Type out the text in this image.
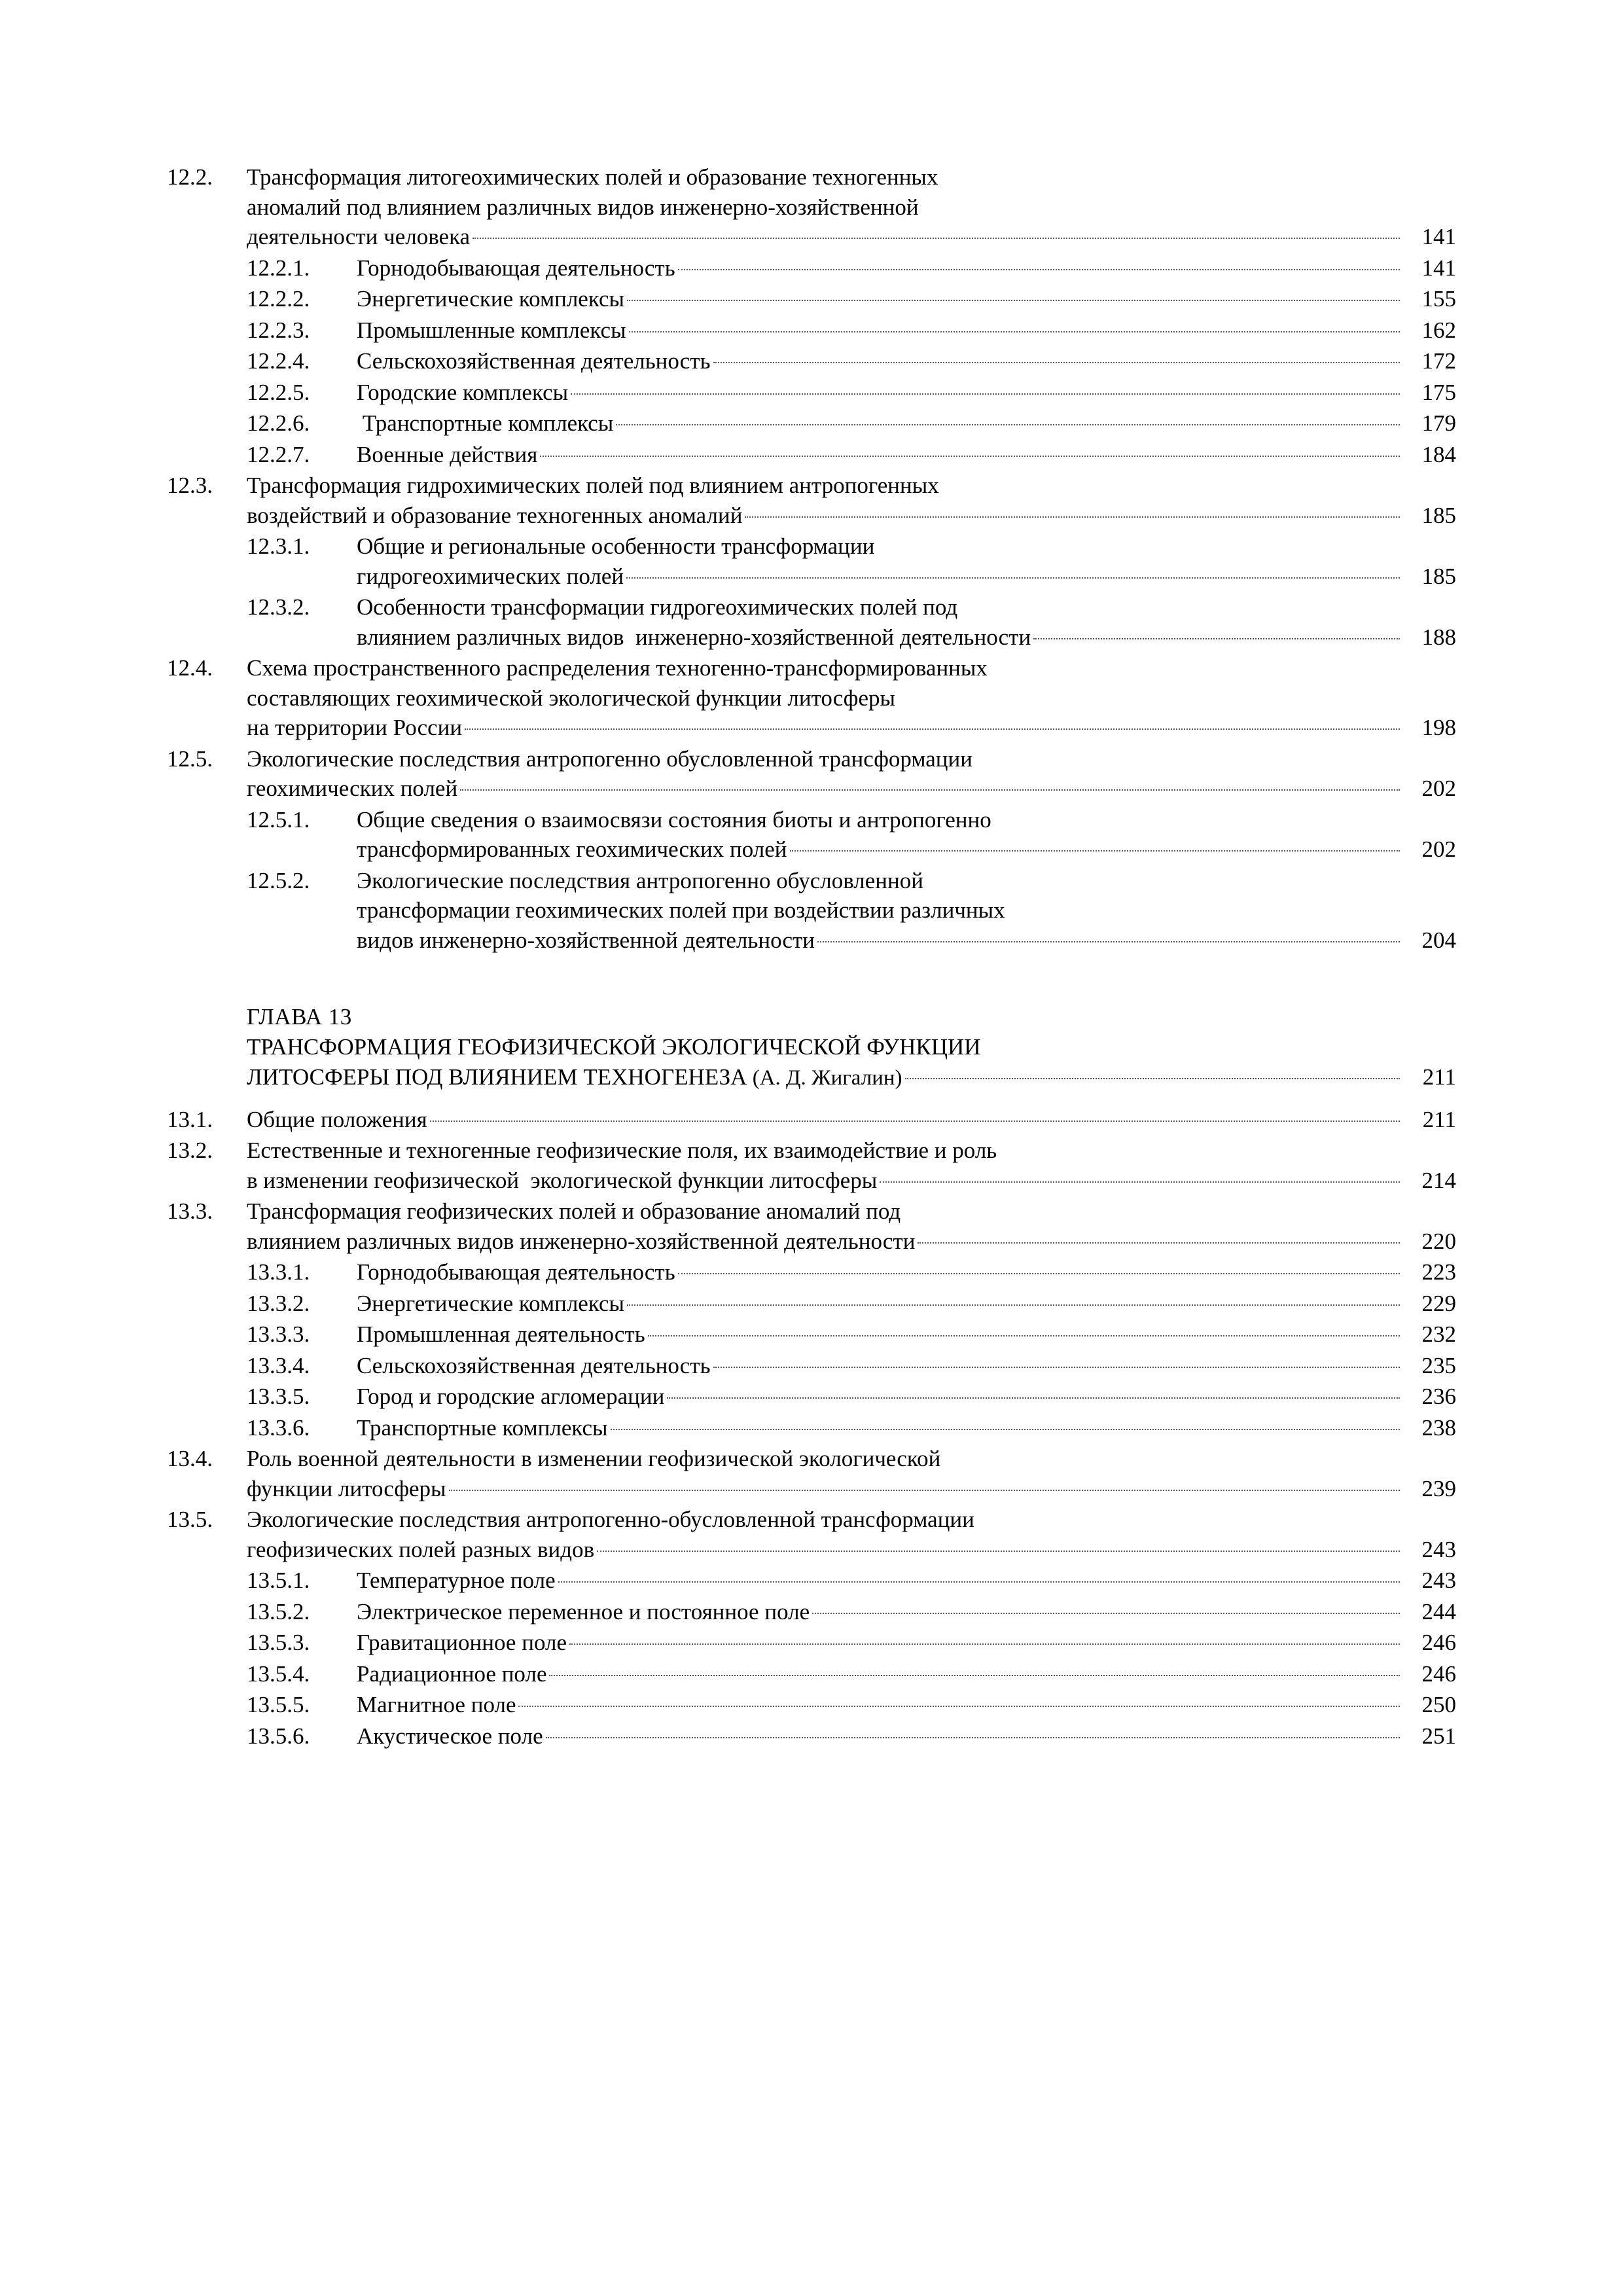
12.2.	Трансформация литогеохимических полей и образование техногенных
аномалий под влиянием различных видов инженерно-хозяйственной
деятельности человека	141
12.2.1.	Горнодобывающая деятельность	141
12.2.2.	Энергетические комплексы	155
12.2.3.	Промышленные комплексы	162
12.2.4.	Сельскохозяйственная деятельность	172
12.2.5.	Городские комплексы	175
12.2.6.	Транспортные комплексы	179
12.2.7.	Военные действия	184
12.3.	Трансформация гидрохимических полей под влиянием антропогенных
воздействий и образование техногенных аномалий	185
12.3.1.	Общие и региональные особенности трансформации
гидрогеохимических полей	185
12.3.2.	Особенности трансформации гидрогеохимических полей под
влиянием различных видов  инженерно-хозяйственной деятельности	188
12.4.	Схема пространственного распределения техногенно-трансформированных
составляющих геохимической экологической функции литосферы
на территории России	198
12.5.	Экологические последствия антропогенно обусловленной трансформации
геохимических полей	202
12.5.1.	Общие сведения о взаимосвязи состояния биоты и антропогенно
трансформированных геохимических полей	202
12.5.2.	Экологические последствия антропогенно обусловленной
трансформации геохимических полей при воздействии различных
видов инженерно-хозяйственной деятельности	204
ГЛАВА 13
ТРАНСФОРМАЦИЯ ГЕОФИЗИЧЕСКОЙ ЭКОЛОГИЧЕСКОЙ ФУНКЦИИ
ЛИТОСФЕРЫ ПОД ВЛИЯНИЕМ ТЕХНОГЕНЕЗА (А. Д. Жигалин)	211
13.1.	Общие положения	211
13.2.	Естественные и техногенные геофизические поля, их взаимодействие и роль
в изменении геофизической  экологической функции литосферы	214
13.3.	Трансформация геофизических полей и образование аномалий под
влиянием различных видов инженерно-хозяйственной деятельности	220
13.3.1.	Горнодобывающая деятельность	223
13.3.2.	Энергетические комплексы	229
13.3.3.	Промышленная деятельность	232
13.3.4.	Сельскохозяйственная деятельность	235
13.3.5.	Город и городские агломерации	236
13.3.6.	Транспортные комплексы	238
13.4.	Роль военной деятельности в изменении геофизической экологической
функции литосферы	239
13.5.	Экологические последствия антропогенно-обусловленной трансформации
геофизических полей разных видов	243
13.5.1.	Температурное поле	243
13.5.2.	Электрическое переменное и постоянное поле	244
13.5.3.	Гравитационное поле	246
13.5.4.	Радиационное поле	246
13.5.5.	Магнитное поле	250
13.5.6.	Акустическое поле	251
